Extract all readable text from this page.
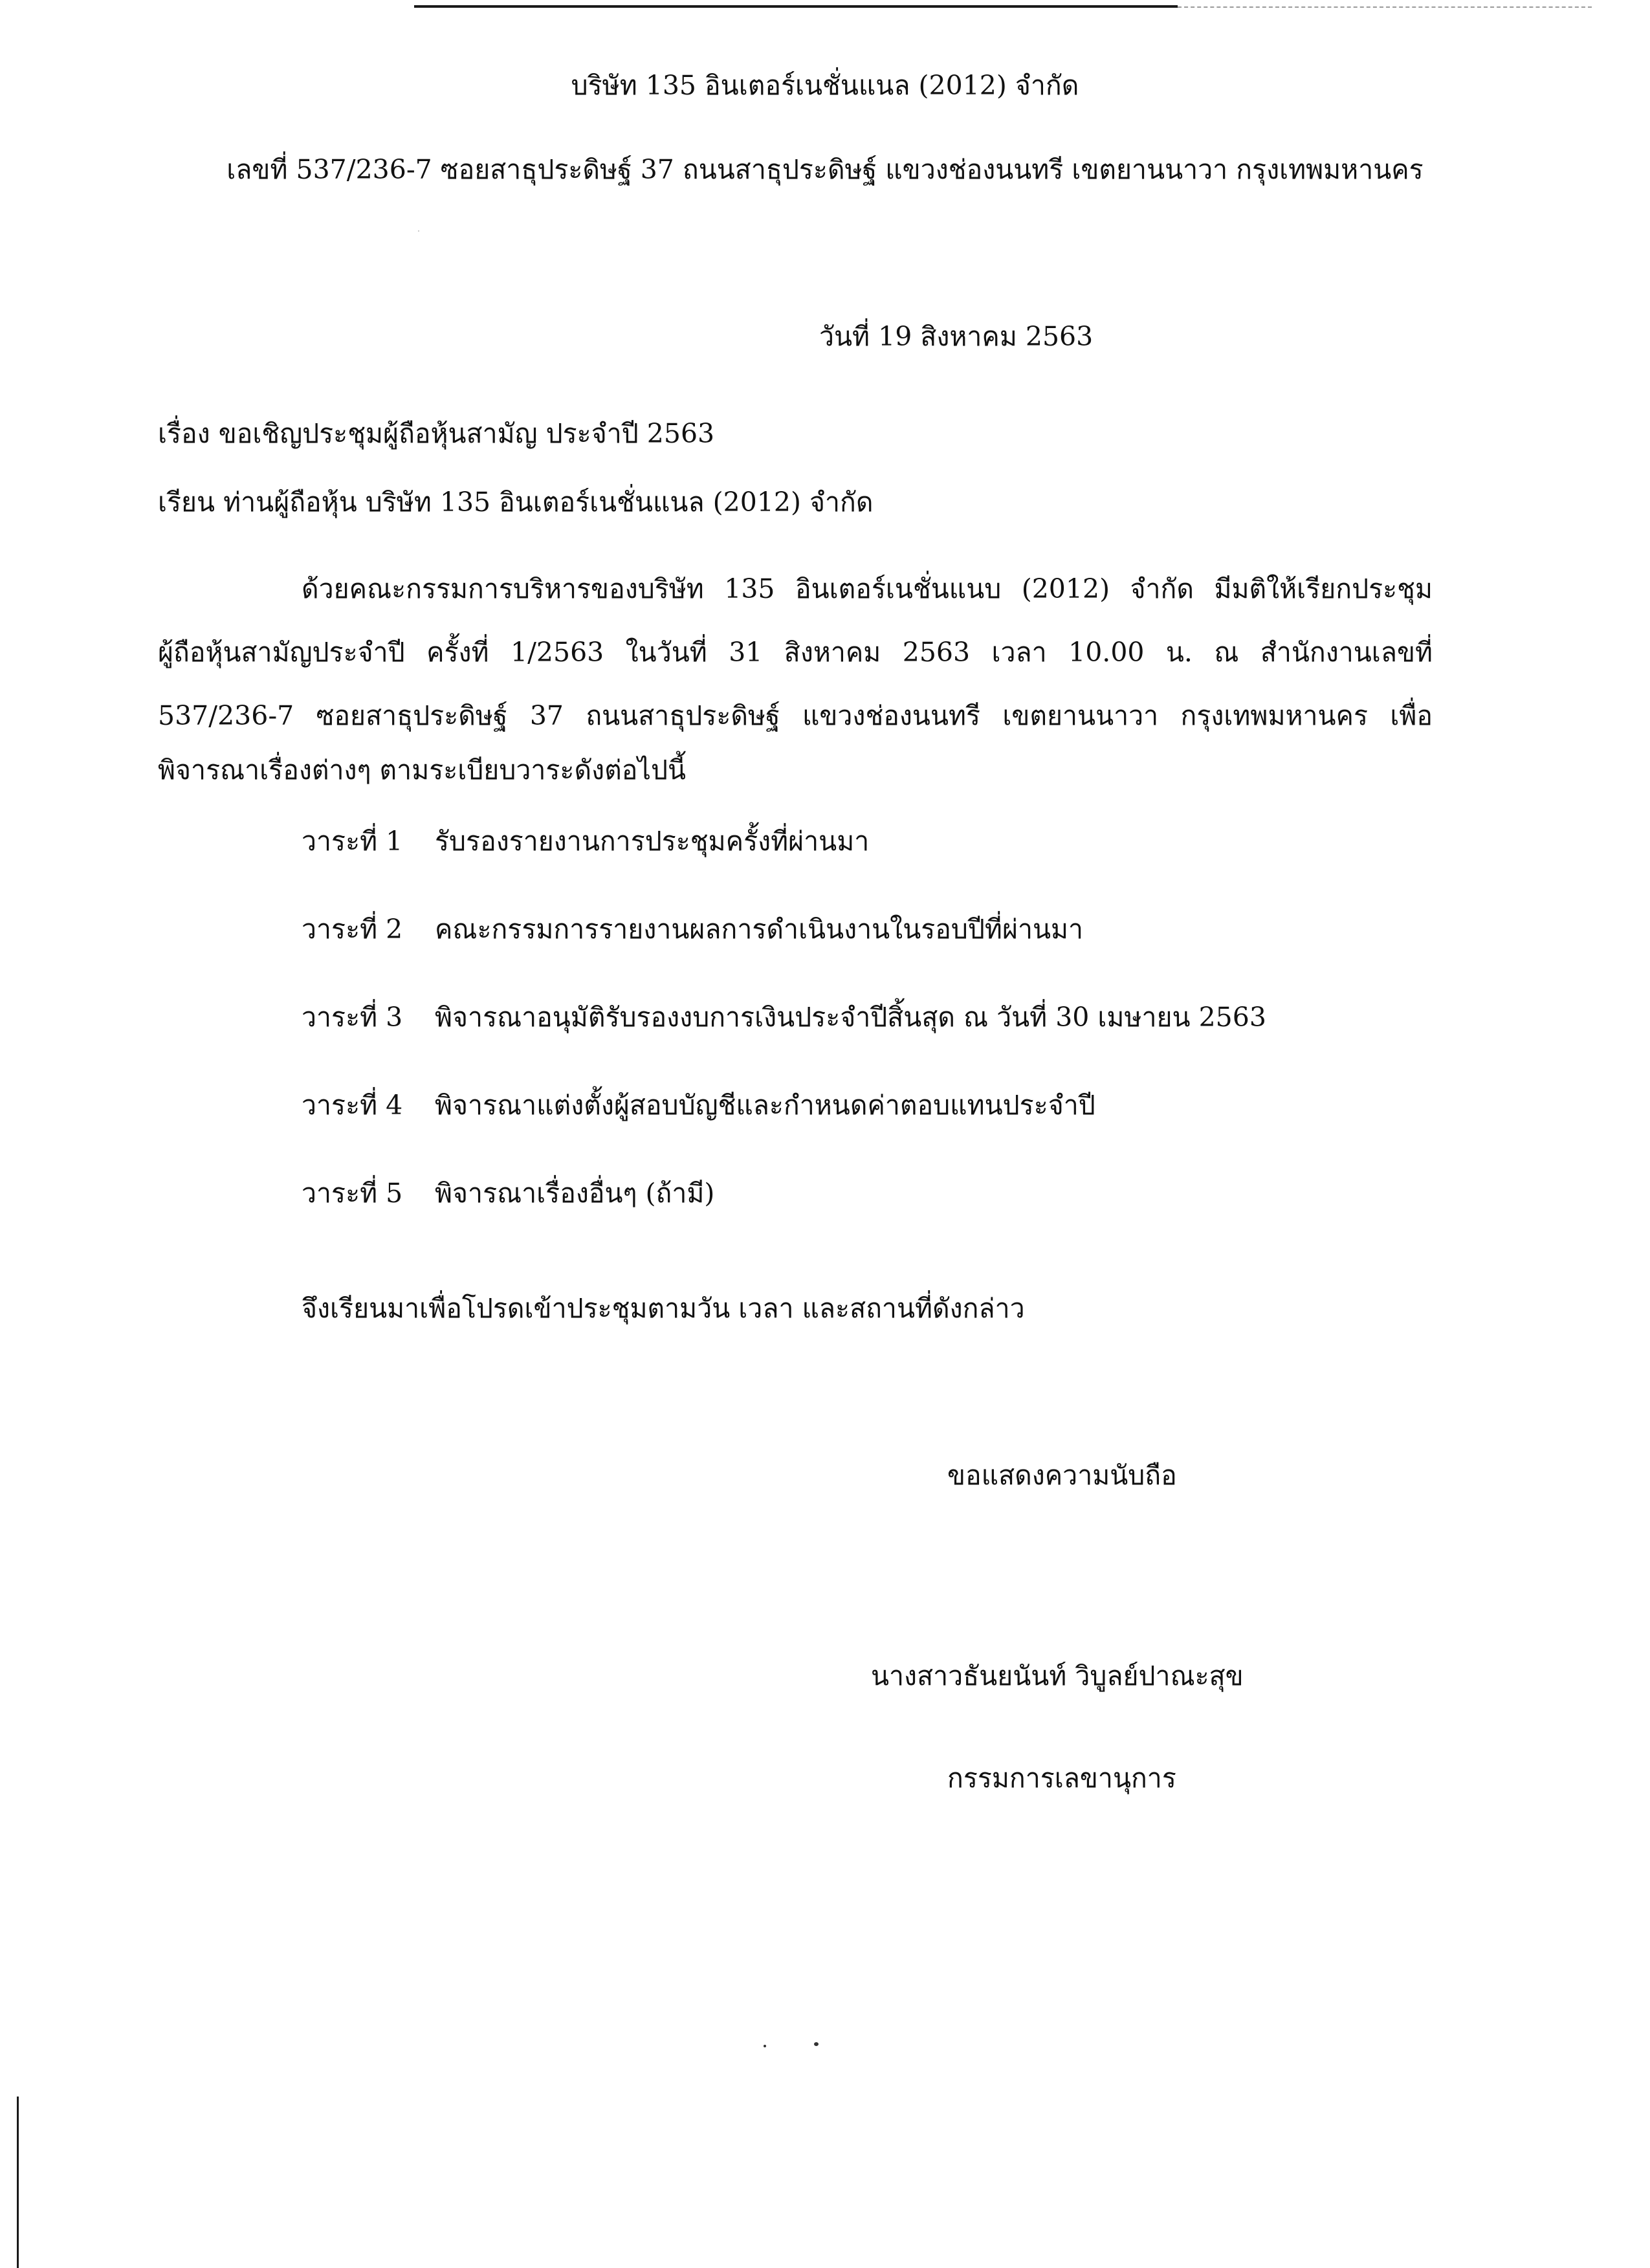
บริษัท 135 อินเตอร์เนชั่นแนล (2012) จำกัด

เลขที่ 537/236-7 ซอยสาธุประดิษฐ์ 37 ถนนสาธุประดิษฐ์ แขวงช่องนนทรี เขตยานนาวา กรุงเทพมหานคร

วันที่ 19 สิงหาคม 2563

เรื่อง ขอเชิญประชุมผู้ถือหุ้นสามัญ ประจำปี 2563

เรียน ท่านผู้ถือหุ้น บริษัท 135 อินเตอร์เนชั่นแนล (2012) จำกัด

ด้วยคณะกรรมการบริหารของบริษัท 135 อินเตอร์เนชั่นแนบ (2012) จำกัด มีมติให้เรียกประชุม

ผู้ถือหุ้นสามัญประจำปี ครั้งที่ 1/2563 ในวันที่ 31 สิงหาคม 2563 เวลา 10.00 น. ณ สำนักงานเลขที่

537/236-7 ซอยสาธุประดิษฐ์ 37 ถนนสาธุประดิษฐ์ แขวงช่องนนทรี เขตยานนาวา กรุงเทพมหานคร เพื่อ

พิจารณาเรื่องต่างๆ ตามระเบียบวาระดังต่อไปนี้

วาระที่ 1 รับรองรายงานการประชุมครั้งที่ผ่านมา
วาระที่ 2 คณะกรรมการรายงานผลการดำเนินงานในรอบปีที่ผ่านมา
วาระที่ 3 พิจารณาอนุมัติรับรองงบการเงินประจำปีสิ้นสุด ณ วันที่ 30 เมษายน 2563
วาระที่ 4 พิจารณาแต่งตั้งผู้สอบบัญชีและกำหนดค่าตอบแทนประจำปี
วาระที่ 5 พิจารณาเรื่องอื่นๆ (ถ้ามี)

จึงเรียนมาเพื่อโปรดเข้าประชุมตามวัน เวลา และสถานที่ดังกล่าว

ขอแสดงความนับถือ

นางสาวธันยนันท์ วิบูลย์ปาณะสุข

กรรมการเลขานุการ
